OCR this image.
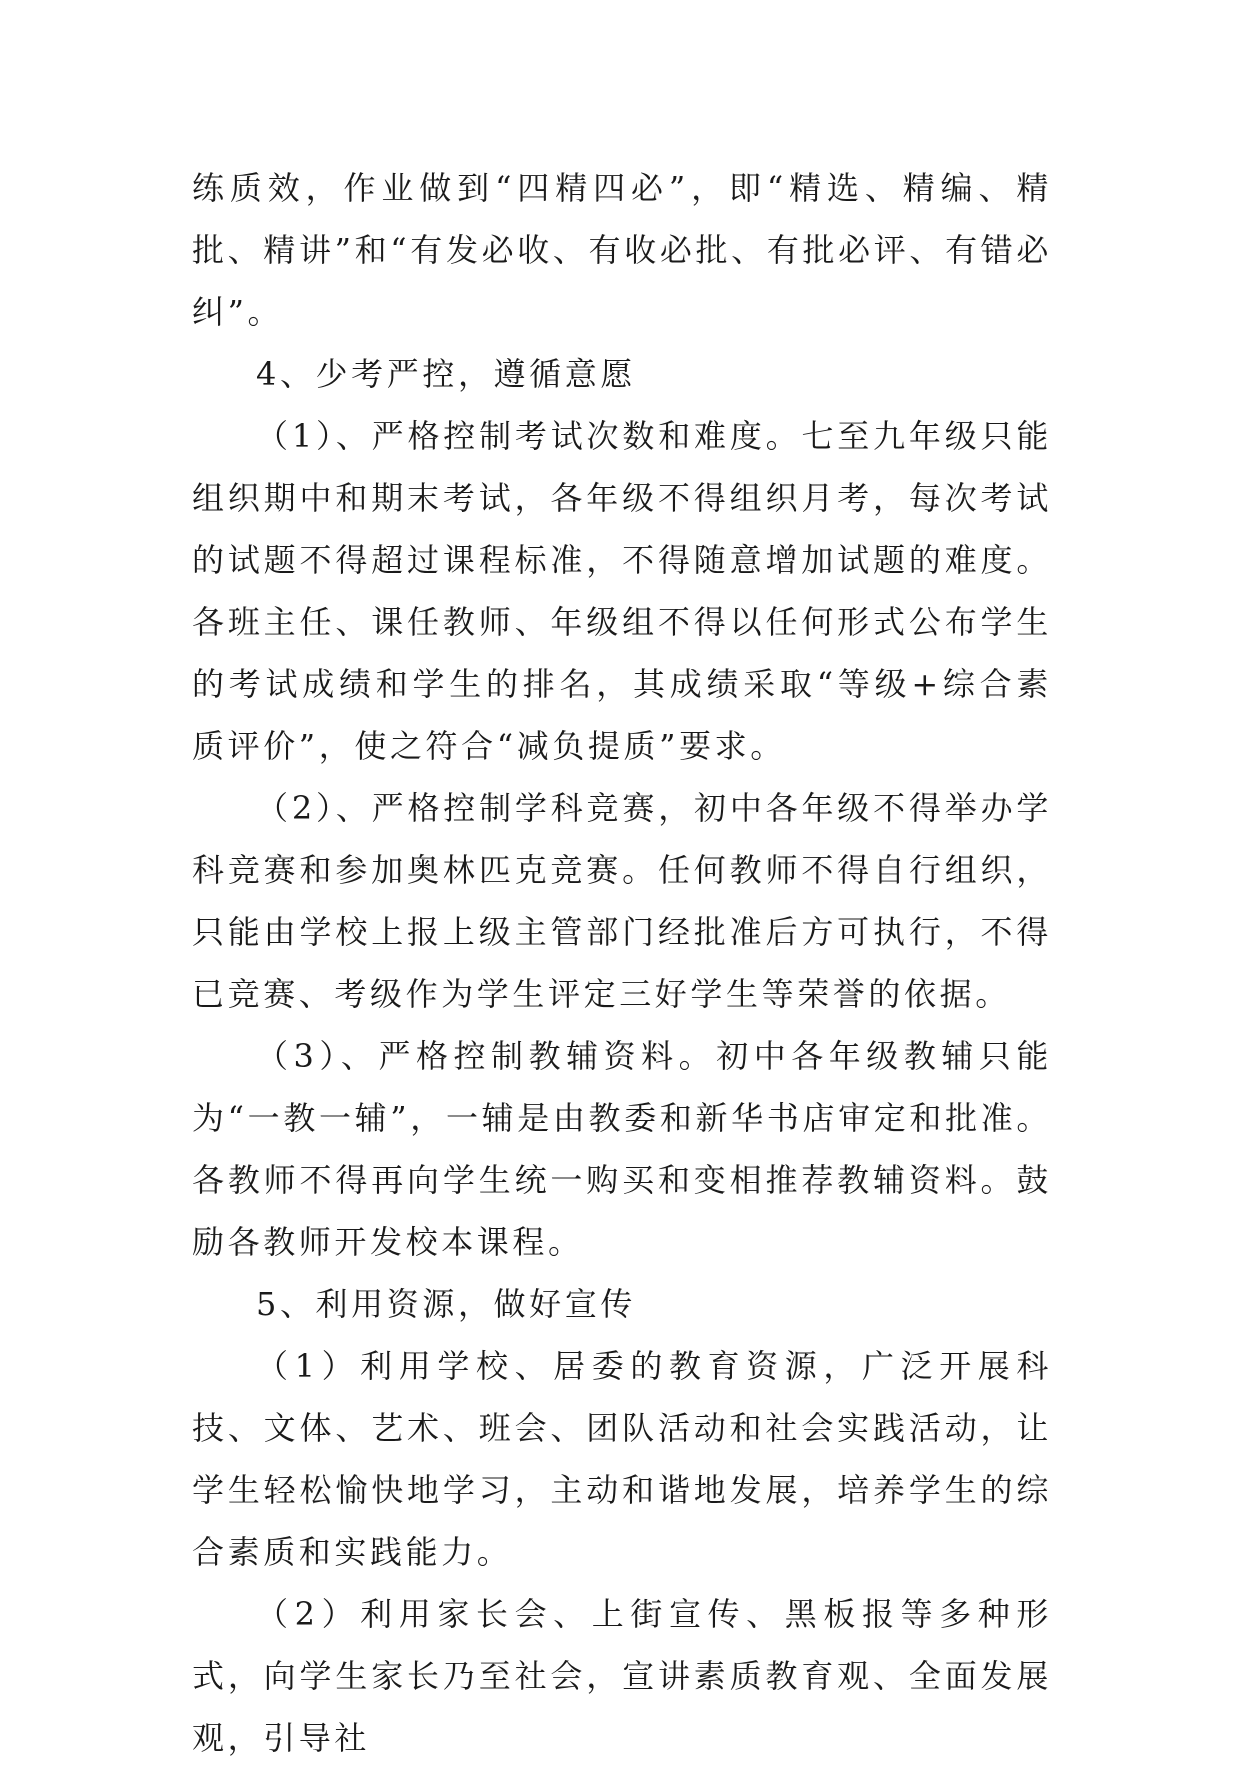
练质效，作业做到“四精四必”，即“精选、精编、精批、精讲”和“有发必收、有收必批、有批必评、有错必纠”。

4、少考严控，遵循意愿

（1）、严格控制考试次数和难度。七至九年级只能组织期中和期末考试，各年级不得组织月考，每次考试的试题不得超过课程标准，不得随意增加试题的难度。各班主任、课任教师、年级组不得以任何形式公布学生的考试成绩和学生的排名，其成绩采取“等级+综合素质评价”，使之符合“减负提质”要求。

（2）、严格控制学科竞赛，初中各年级不得举办学科竞赛和参加奥林匹克竞赛。任何教师不得自行组织，只能由学校上报上级主管部门经批准后方可执行，不得已竞赛、考级作为学生评定三好学生等荣誉的依据。

（3）、严格控制教辅资料。初中各年级教辅只能为“一教一辅”，一辅是由教委和新华书店审定和批准。各教师不得再向学生统一购买和变相推荐教辅资料。鼓励各教师开发校本课程。

5、利用资源，做好宣传

（1）利用学校、居委的教育资源，广泛开展科技、文体、艺术、班会、团队活动和社会实践活动，让学生轻松愉快地学习，主动和谐地发展，培养学生的综合素质和实践能力。

（2）利用家长会、上街宣传、黑板报等多种形式，向学生家长乃至社会，宣讲素质教育观、全面发展观，引导社
